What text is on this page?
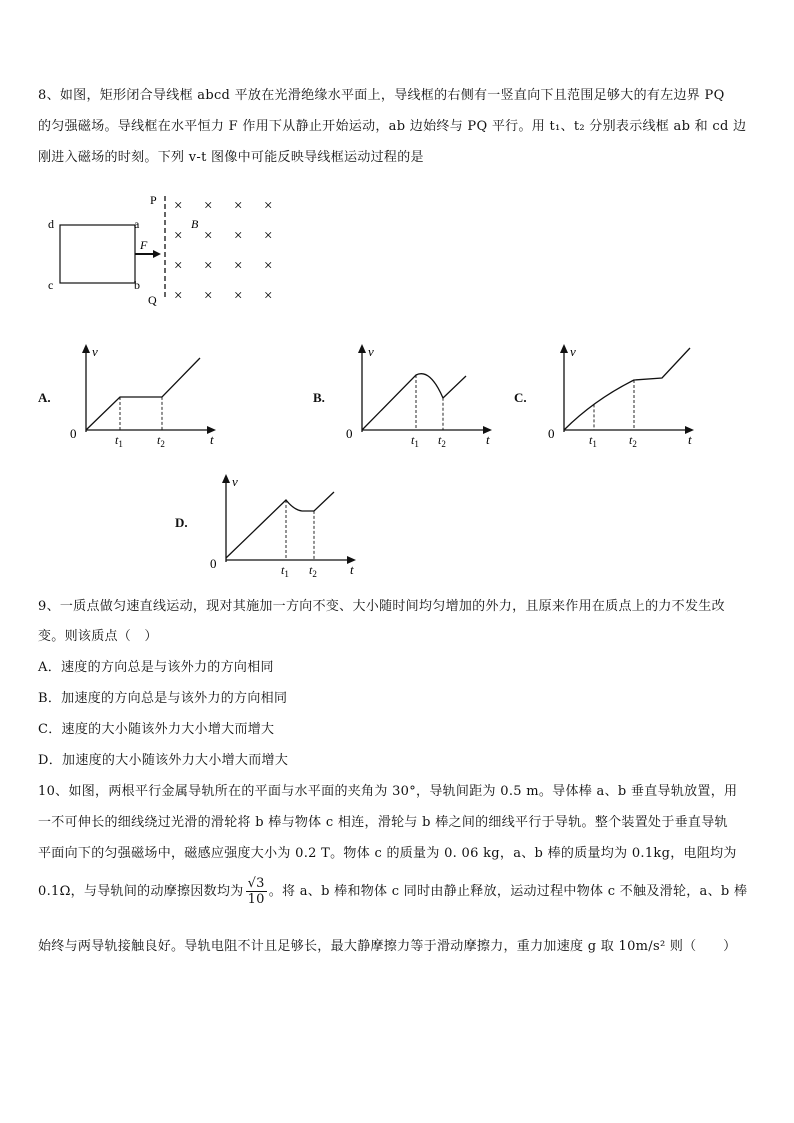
8、如图，矩形闭合导线框 abcd 平放在光滑绝缘水平面上，导线框的右侧有一竖直向下且范围足够大的有左边界 PQ
的匀强磁场。导线框在水平恒力 F 作用下从静止开始运动，ab 边始终与 PQ 平行。用 t₁、t₂ 分别表示线框 ab 和 cd 边
刚进入磁场的时刻。下列 v-t 图像中可能反映导线框运动过程的是
d	a
c	b
F
P
Q
B
× × × ×
× × × ×
× × × ×
× × × ×
A.
v
t
0	$t_1$	$t_2$
B.
v
t
0	$t_1$ $t_2$
C.
v
t
0	$t_1$	$t_2$
D.
v
t
0	$t_1$ $t_2$
9、一质点做匀速直线运动，现对其施加一方向不变、大小随时间均匀增加的外力，且原来作用在质点上的力不发生改
变。则该质点（　）
A．速度的方向总是与该外力的方向相同
B．加速度的方向总是与该外力的方向相同
C．速度的大小随该外力大小增大而增大
D．加速度的大小随该外力大小增大而增大
10、如图，两根平行金属导轨所在的平面与水平面的夹角为 30°，导轨间距为 0.5 m。导体棒 a、b 垂直导轨放置，用
一不可伸长的细线绕过光滑的滑轮将 b 棒与物体 c 相连，滑轮与 b 棒之间的细线平行于导轨。整个装置处于垂直导轨
平面向下的匀强磁场中，磁感应强度大小为 0.2 T。物体 c 的质量为 0. 06 kg，a、b 棒的质量均为 0.1kg，电阻均为
0.1Ω，与导轨间的动摩擦因数均为 $\frac{√3}{10}$ 。将 a、b 棒和物体 c 同时由静止释放，运动过程中物体 c 不触及滑轮，a、b 棒
始终与两导轨接触良好。导轨电阻不计且足够长，最大静摩擦力等于滑动摩擦力，重力加速度 g 取 10m/s² 则（　　）
